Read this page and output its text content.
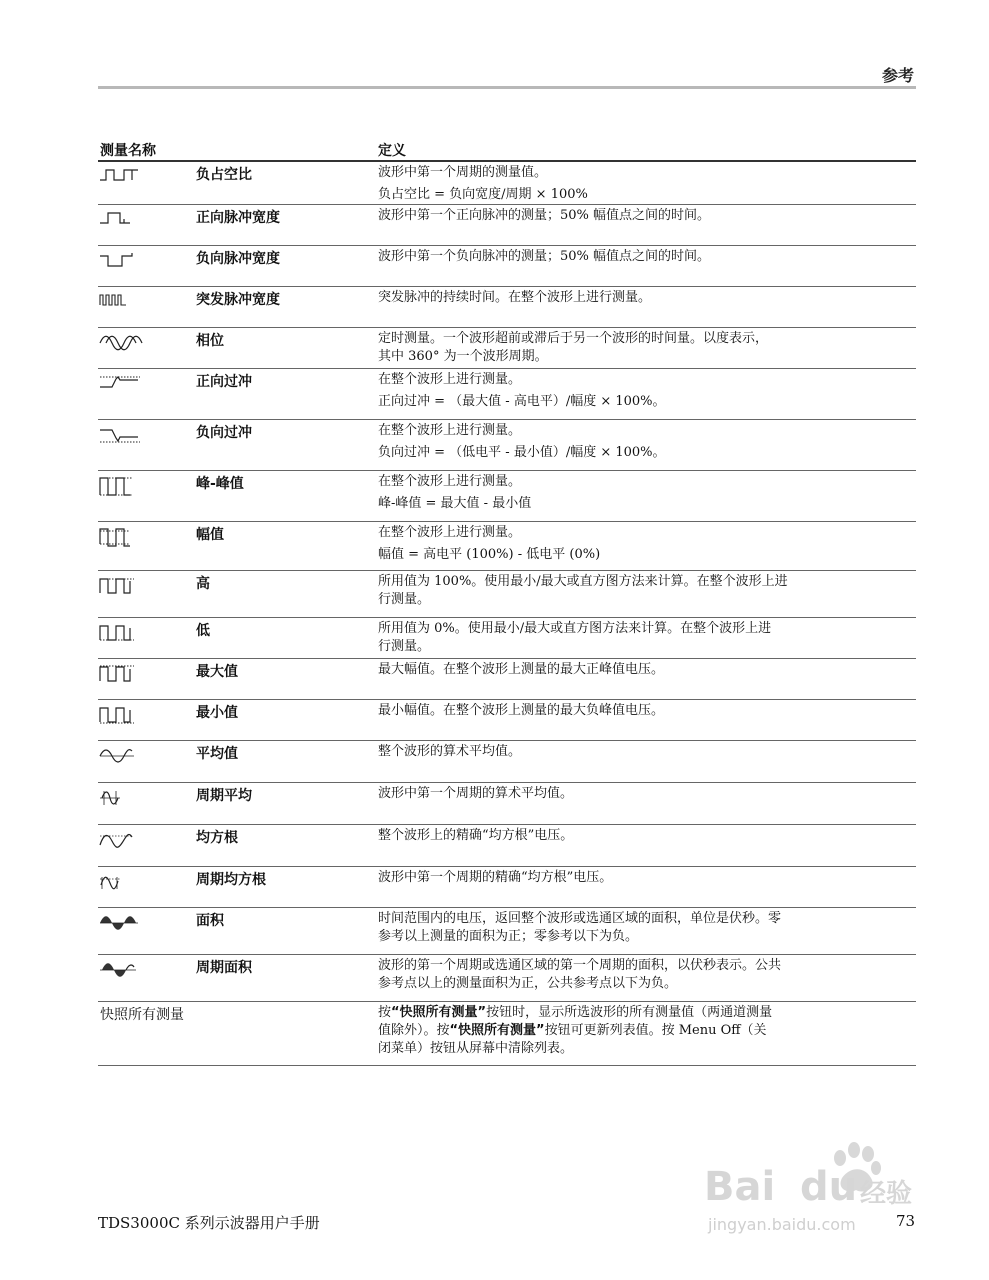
参考
测量名称	定义
负占空比	波形中第一个周期的测量值。
负占空比 = 负向宽度/周期 × 100%
正向脉冲宽度	波形中第一个正向脉冲的测量；50% 幅值点之间的时间。
负向脉冲宽度	波形中第一个负向脉冲的测量；50% 幅值点之间的时间。
突发脉冲宽度	突发脉冲的持续时间。在整个波形上进行测量。
相位	定时测量。一个波形超前或滞后于另一个波形的时间量。以度表示，
其中 360° 为一个波形周期。
正向过冲	在整个波形上进行测量。
正向过冲 = （最大值 - 高电平）/幅度 × 100%。
负向过冲	在整个波形上进行测量。
负向过冲 = （低电平 - 最小值）/幅度 × 100%。
峰-峰值	在整个波形上进行测量。
峰-峰值 = 最大值 - 最小值
幅值	在整个波形上进行测量。
幅值 = 高电平 (100%) - 低电平 (0%)
高	所用值为 100%。使用最小/最大或直方图方法来计算。在整个波形上进
行测量。
低	所用值为 0%。使用最小/最大或直方图方法来计算。在整个波形上进
行测量。
最大值	最大幅值。在整个波形上测量的最大正峰值电压。
最小值	最小幅值。在整个波形上测量的最大负峰值电压。
平均值	整个波形的算术平均值。
周期平均	波形中第一个周期的算术平均值。
均方根	整个波形上的精确“均方根”电压。
周期均方根	波形中第一个周期的精确“均方根”电压。
面积	时间范围内的电压，返回整个波形或选通区域的面积，单位是伏秒。零
参考以上测量的面积为正；零参考以下为负。
周期面积	波形的第一个周期或选通区域的第一个周期的面积，以伏秒表示。公共
参考点以上的测量面积为正，公共参考点以下为负。
快照所有测量	按“快照所有测量”按钮时，显示所选波形的所有测量值（两通道测量
值除外）。按“快照所有测量”按钮可更新列表值。按 Menu Off（关
闭菜单）按钮从屏幕中清除列表。
Bai du 经验
jingyan.baidu.com
TDS3000C 系列示波器用户手册	73
